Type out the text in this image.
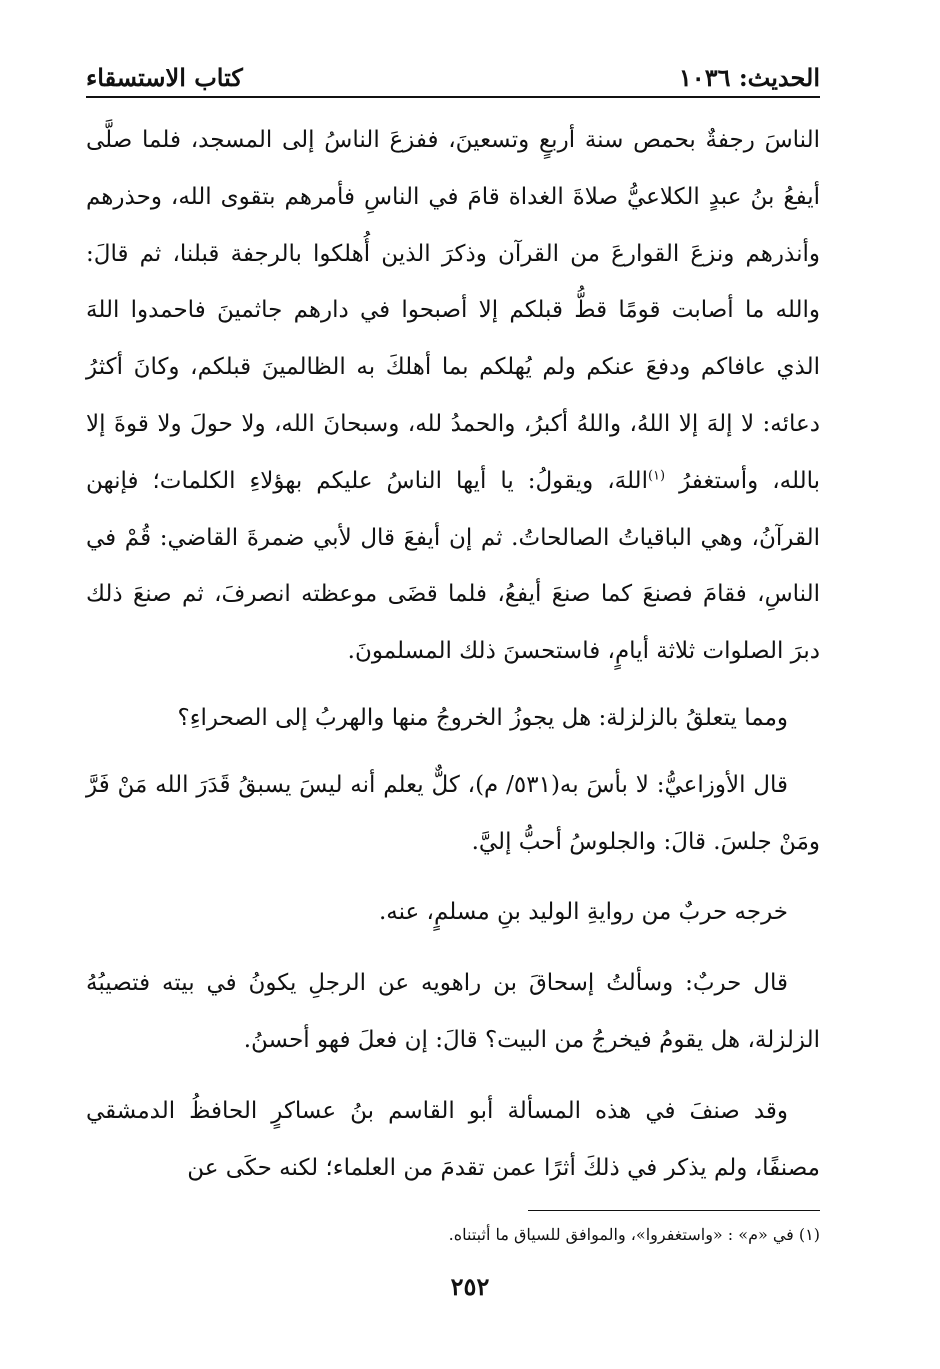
الحديث: ١٠٣٦
كتاب الاستسقاء

الناسَ رجفةٌ بحمص سنة أربعٍ وتسعينَ، ففزعَ الناسُ إلى المسجد، فلما صلَّى أيفعُ بنُ عبدٍ الكلاعيُّ صلاةَ الغداة قامَ في الناسِ فأمرهم بتقوى الله، وحذرهم وأنذرهم ونزعَ القوارعَ من القرآن وذكرَ الذين أُهلكوا بالرجفة قبلنا، ثم قالَ: والله ما أصابت قومًا قطُّ قبلكم إلا أصبحوا في دارهم جاثمينَ فاحمدوا اللهَ الذي عافاكم ودفعَ عنكم ولم يُهلكم بما أهلكَ به الظالمينَ قبلكم، وكانَ أكثرُ دعائه: لا إلهَ إلا اللهُ، واللهُ أكبرُ، والحمدُ لله، وسبحانَ الله، ولا حولَ ولا قوةَ إلا بالله، وأستغفرُ $^{(١)}$اللهَ، ويقولُ: يا أيها الناسُ عليكم بهؤلاءِ الكلمات؛ فإنهن القرآنُ، وهي الباقياتُ الصالحاتُ. ثم إن أيفعَ قال لأبي ضمرةَ القاضي: قُمْ في الناسِ، فقامَ فصنعَ كما صنعَ أيفعُ، فلما قضَى موعظته انصرفَ، ثم صنعَ ذلك دبرَ الصلوات ثلاثة أيامٍ، فاستحسنَ ذلك المسلمونَ.

ومما يتعلقُ بالزلزلة: هل يجوزُ الخروجُ منها والهربُ إلى الصحراءِ؟

قال الأوزاعيُّ: لا بأسَ به(٥٣١/ م)، كلٌّ يعلم أنه ليسَ يسبقُ قَدَرَ الله مَنْ فَرَّ ومَنْ جلسَ. قالَ: والجلوسُ أحبُّ إليَّ.

خرجه حربٌ من روايةِ الوليد بنِ مسلمٍ، عنه.

قال حربٌ: وسألتُ إسحاقَ بن راهويه عن الرجلِ يكونُ في بيته فتصيبُهُ الزلزلة، هل يقومُ فيخرجُ من البيت؟ قالَ: إن فعلَ فهو أحسنُ.

وقد صنفَ في هذه المسألة أبو القاسم بنُ عساكرٍ الحافظُ الدمشقي مصنفًا، ولم يذكر في ذلكَ أثرًا عمن تقدمَ من العلماء؛ لكنه حكَى عن

(١) في «م» : «واستغفروا»، والموافق للسياق ما أثبتناه.
٢٥٢
